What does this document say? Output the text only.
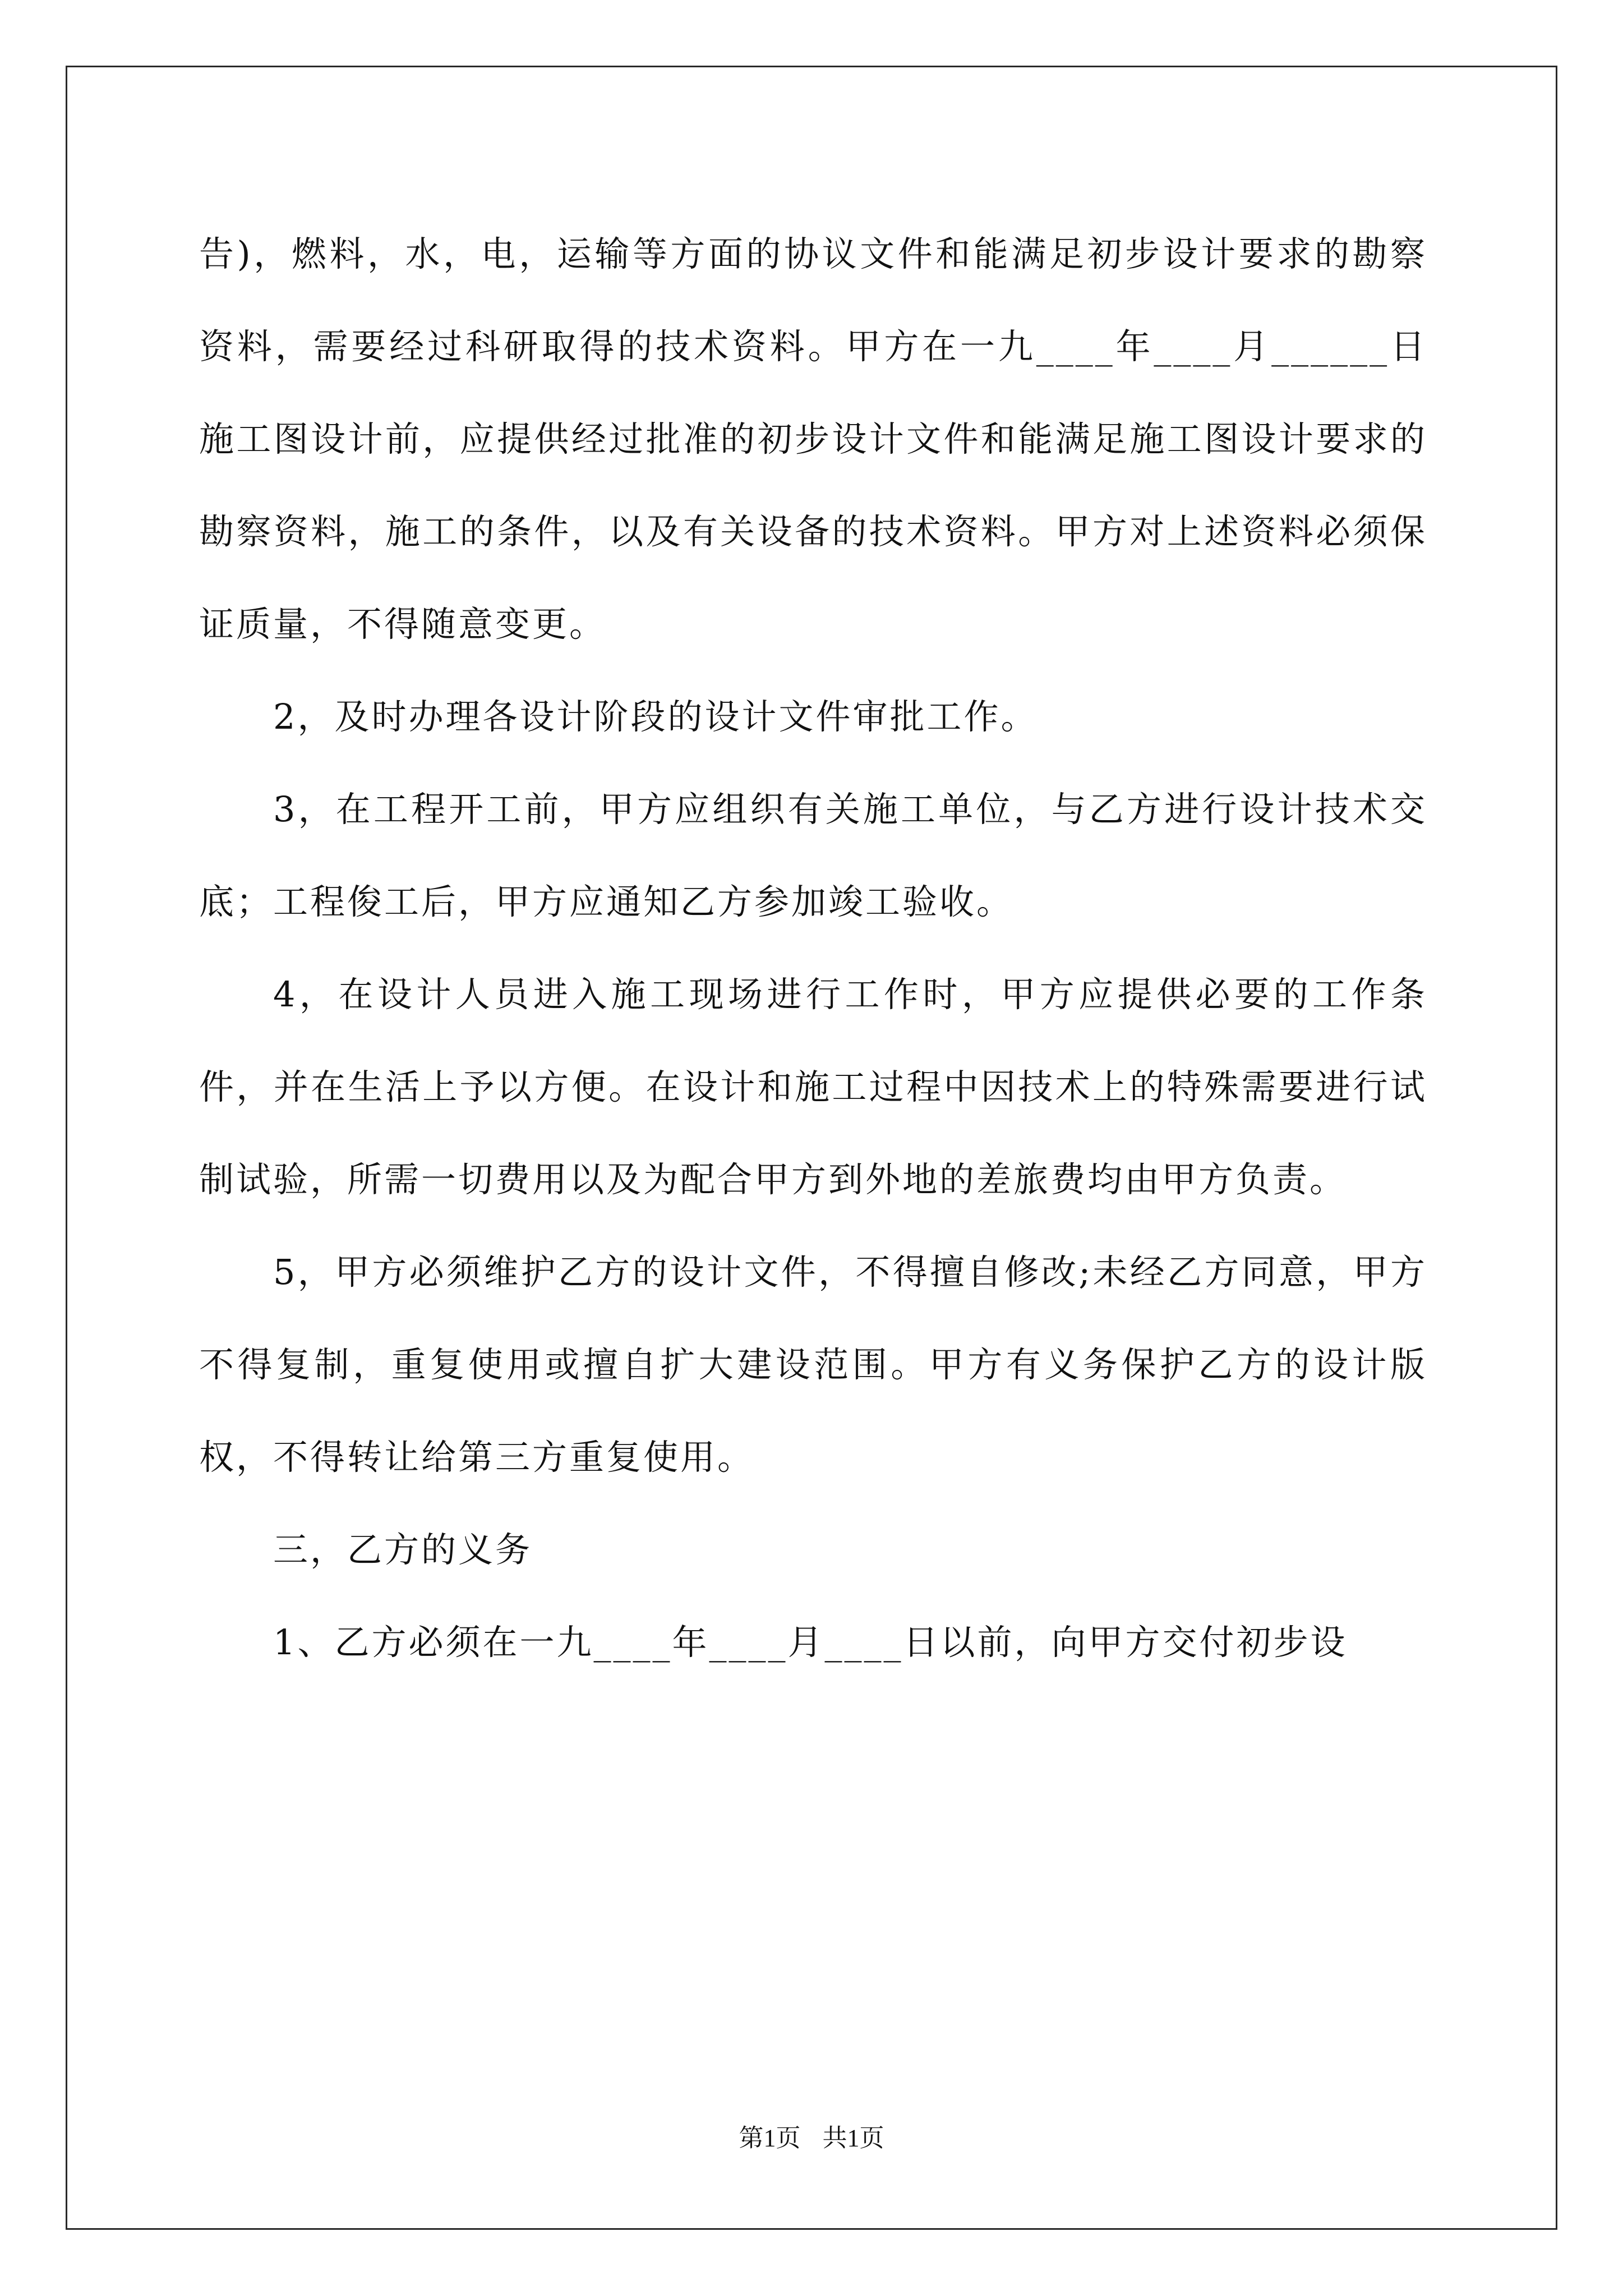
告)，燃料，水，电，运输等方面的协议文件和能满足初步设计要求的勘察资料，需要经过科研取得的技术资料。甲方在一九____年____月______日施工图设计前，应提供经过批准的初步设计文件和能满足施工图设计要求的勘察资料，施工的条件，以及有关设备的技术资料。甲方对上述资料必须保证质量，不得随意变更。

2，及时办理各设计阶段的设计文件审批工作。

3，在工程开工前，甲方应组织有关施工单位，与乙方进行设计技术交底；工程俊工后，甲方应通知乙方参加竣工验收。

4，在设计人员进入施工现场进行工作时，甲方应提供必要的工作条件，并在生活上予以方便。在设计和施工过程中因技术上的特殊需要进行试制试验，所需一切费用以及为配合甲方到外地的差旅费均由甲方负责。

5，甲方必须维护乙方的设计文件，不得擅自修改;未经乙方同意，甲方不得复制，重复使用或擅自扩大建设范围。甲方有义务保护乙方的设计版权，不得转让给第三方重复使用。

三，乙方的义务

1、乙方必须在一九____年____月____日以前，向甲方交付初步设

第1页 共1页
